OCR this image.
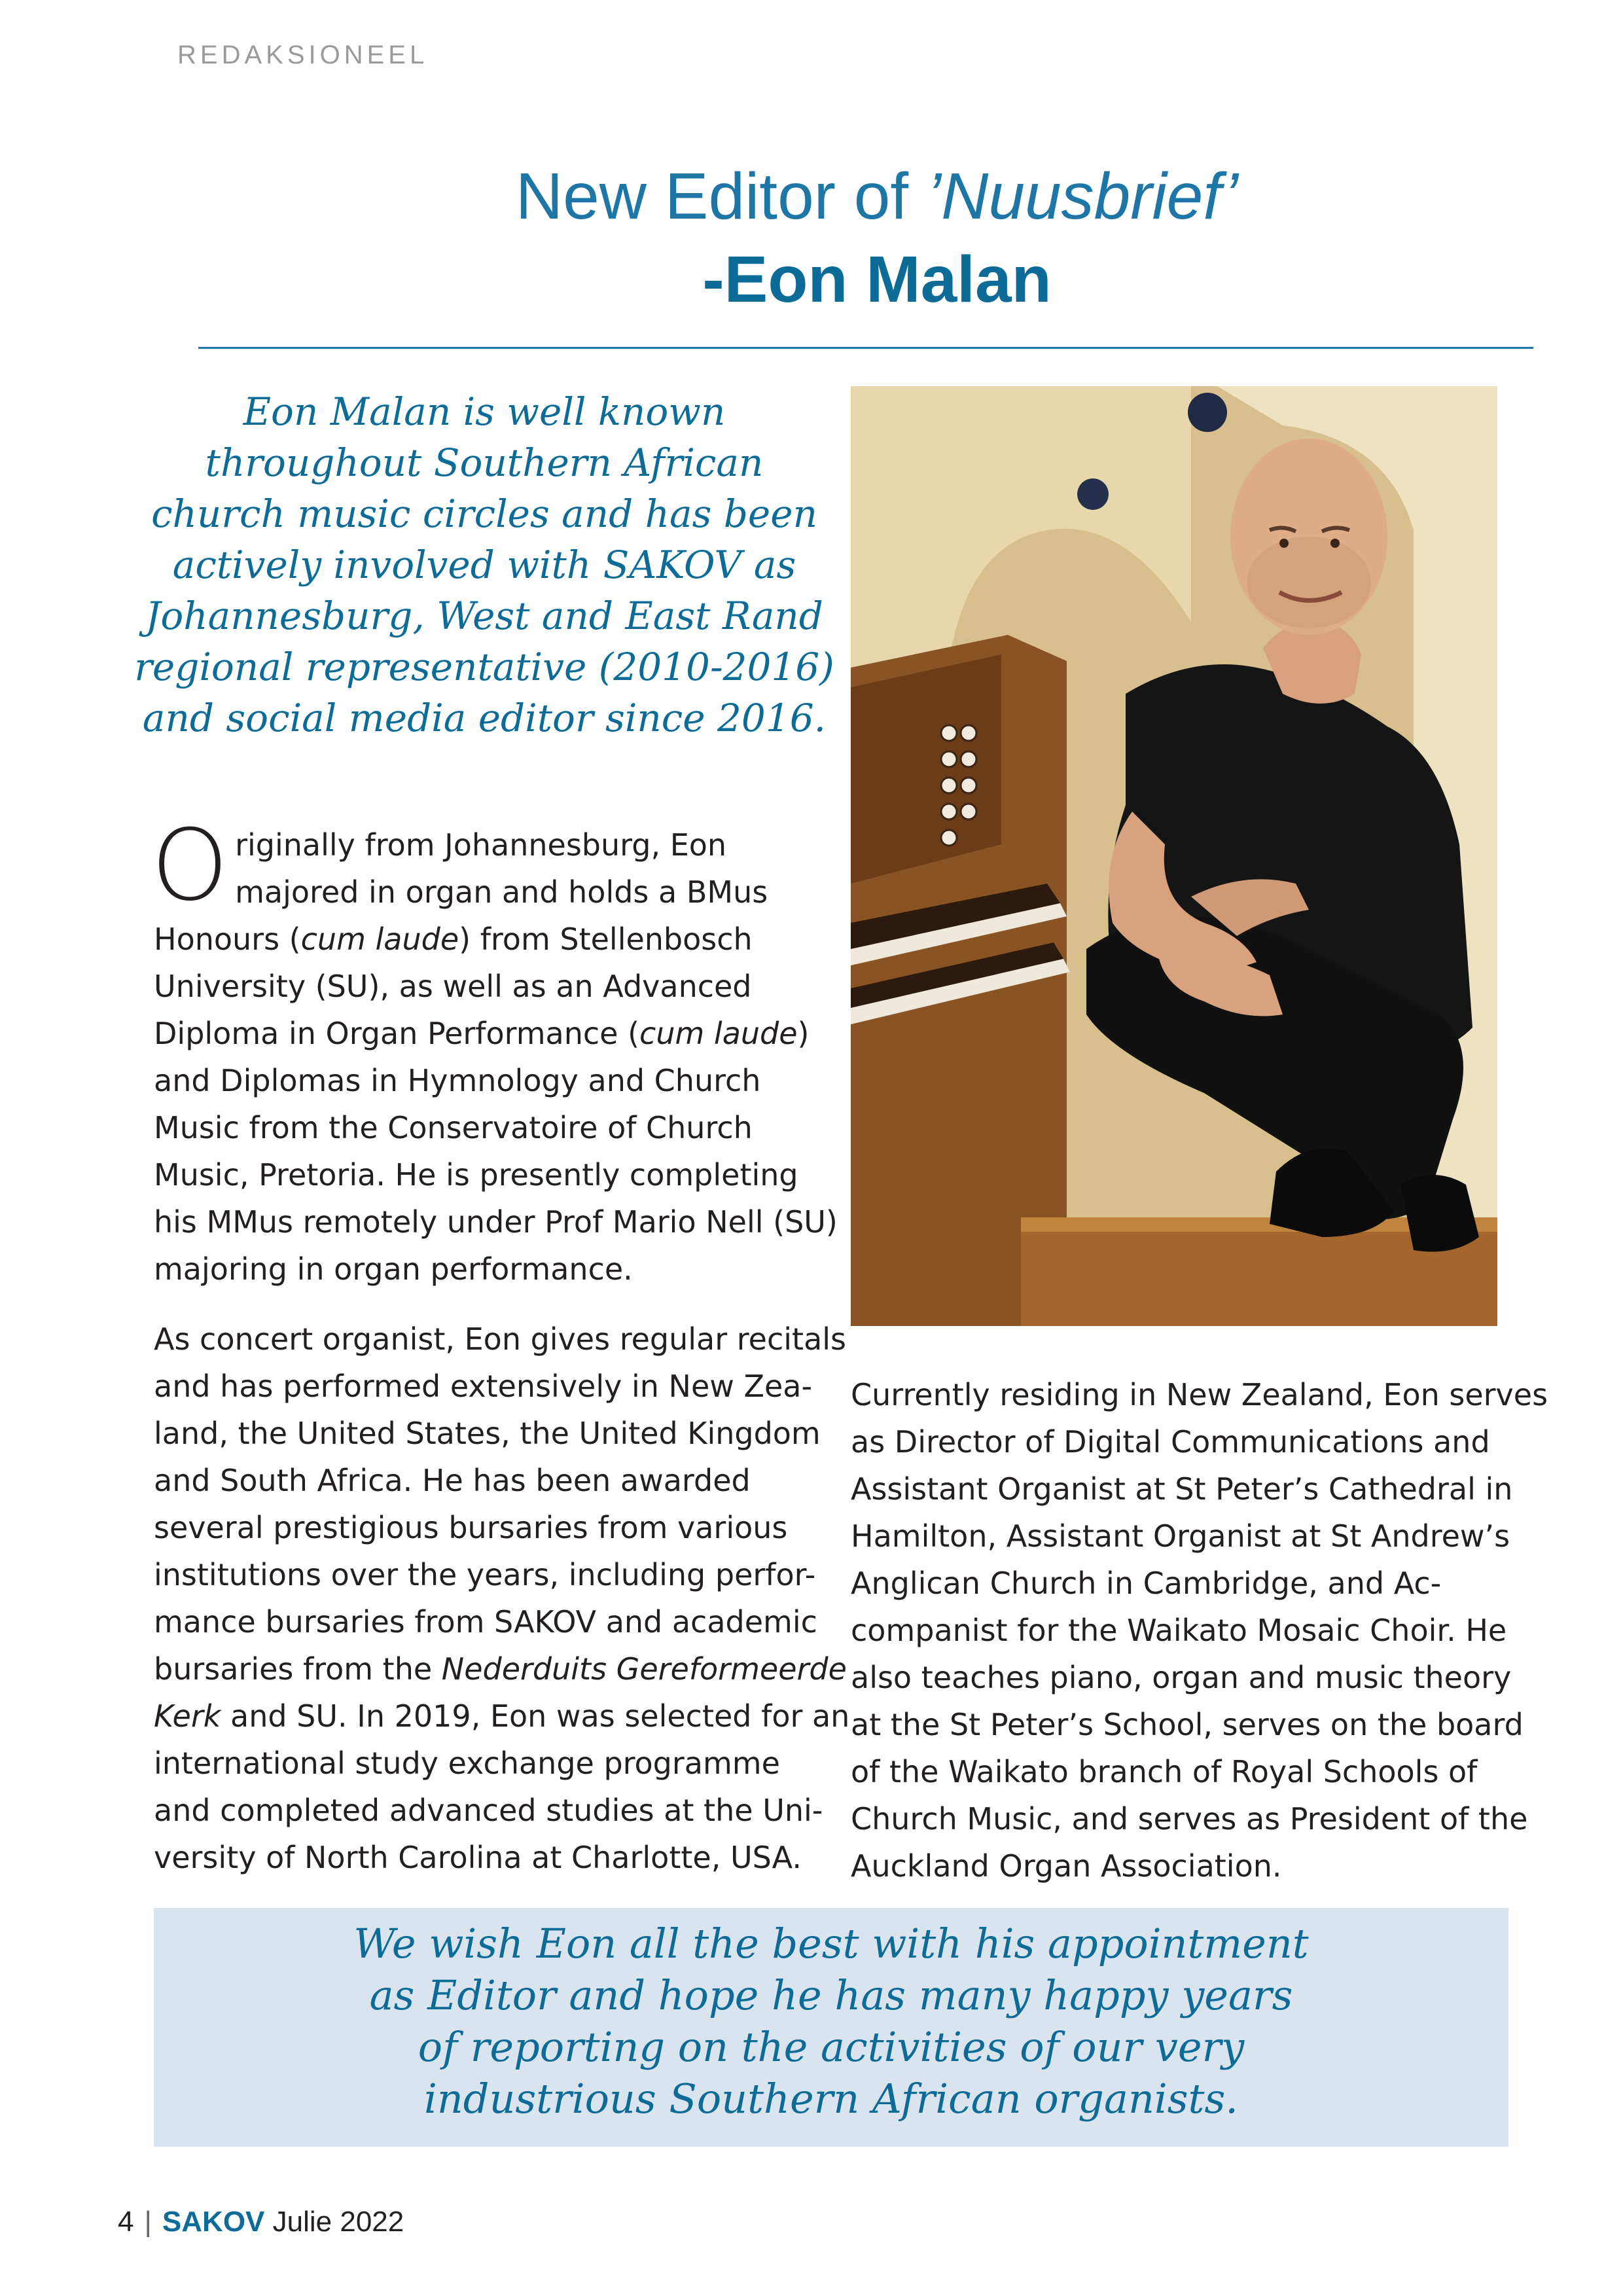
REDAKSIONEEL
New Editor of ’Nuusbrief’
-Eon Malan
Eon Malan is well known
throughout Southern African
church music circles and has been
actively involved with SAKOV as
Johannesburg, West and East Rand
regional representative (2010-2016)
and social media editor since 2016.

O riginally from Johannesburg, Eon
majored in organ and holds a BMus
Honours (cum laude) from Stellenbosch
University (SU), as well as an Advanced
Diploma in Organ Performance (cum laude)
and Diplomas in Hymnology and Church
Music from the Conservatoire of Church
Music, Pretoria. He is presently completing
his MMus remotely under Prof Mario Nell (SU)
majoring in organ performance.

As concert organist, Eon gives regular recitals
and has performed extensively in New Zea-
land, the United States, the United Kingdom
and South Africa. He has been awarded
several prestigious bursaries from various
institutions over the years, including perfor-
mance bursaries from SAKOV and academic
bursaries from the Nederduits Gereformeerde
Kerk and SU. In 2019, Eon was selected for an
international study exchange programme
and completed advanced studies at the Uni-
versity of North Carolina at Charlotte, USA.
Currently residing in New Zealand, Eon serves
as Director of Digital Communications and
Assistant Organist at St Peter’s Cathedral in
Hamilton, Assistant Organist at St Andrew’s
Anglican Church in Cambridge, and Ac-
companist for the Waikato Mosaic Choir. He
also teaches piano, organ and music theory
at the St Peter’s School, serves on the board
of the Waikato branch of Royal Schools of
Church Music, and serves as President of the
Auckland Organ Association.
We wish Eon all the best with his appointment
as Editor and hope he has many happy years
of reporting on the activities of our very
industrious Southern African organists.
4 | SAKOV Julie 2022
